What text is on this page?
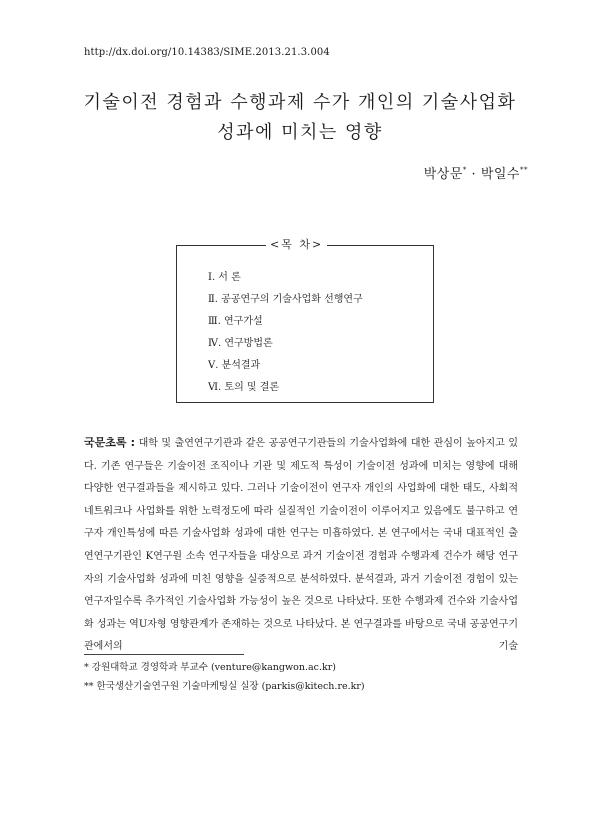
http://dx.doi.org/10.14383/SIME.2013.21.3.004
기술이전 경험과 수행과제 수가 개인의 기술사업화
성과에 미치는 영향
박상문* · 박일수**
<목 차>
Ⅰ. 서 론
Ⅱ. 공공연구의 기술사업화 선행연구
Ⅲ. 연구가설
Ⅳ. 연구방법론
Ⅴ. 분석결과
Ⅵ. 토의 및 결론
국문초록 : 대학 및 출연연구기관과 같은 공공연구기관들의 기술사업화에 대한 관심이 높아지고 있다. 기존 연구들은 기술이전 조직이나 기관 및 제도적 특성이 기술이전 성과에 미치는 영향에 대해 다양한 연구결과들을 제시하고 있다. 그러나 기술이전이 연구자 개인의 사업화에 대한 태도, 사회적 네트워크나 사업화를 위한 노력정도에 따라 실질적인 기술이전이 이루어지고 있음에도 불구하고 연구자 개인특성에 따른 기술사업화 성과에 대한 연구는 미흡하였다. 본 연구에서는 국내 대표적인 출연연구기관인 K연구원 소속 연구자들을 대상으로 과거 기술이전 경험과 수행과제 건수가 해당 연구자의 기술사업화 성과에 미친 영향을 실증적으로 분석하였다. 분석결과, 과거 기술이전 경험이 있는 연구자일수록 추가적인 기술사업화 가능성이 높은 것으로 나타났다. 또한 수행과제 건수와 기술사업화 성과는 역U자형 영향관계가 존재하는 것으로 나타났다. 본 연구결과를 바탕으로 국내 공공연구기관에서의 기술
* 강원대학교 경영학과 부교수 (venture@kangwon.ac.kr)
** 한국생산기술연구원 기술마케팅실 실장 (parkis@kitech.re.kr)
